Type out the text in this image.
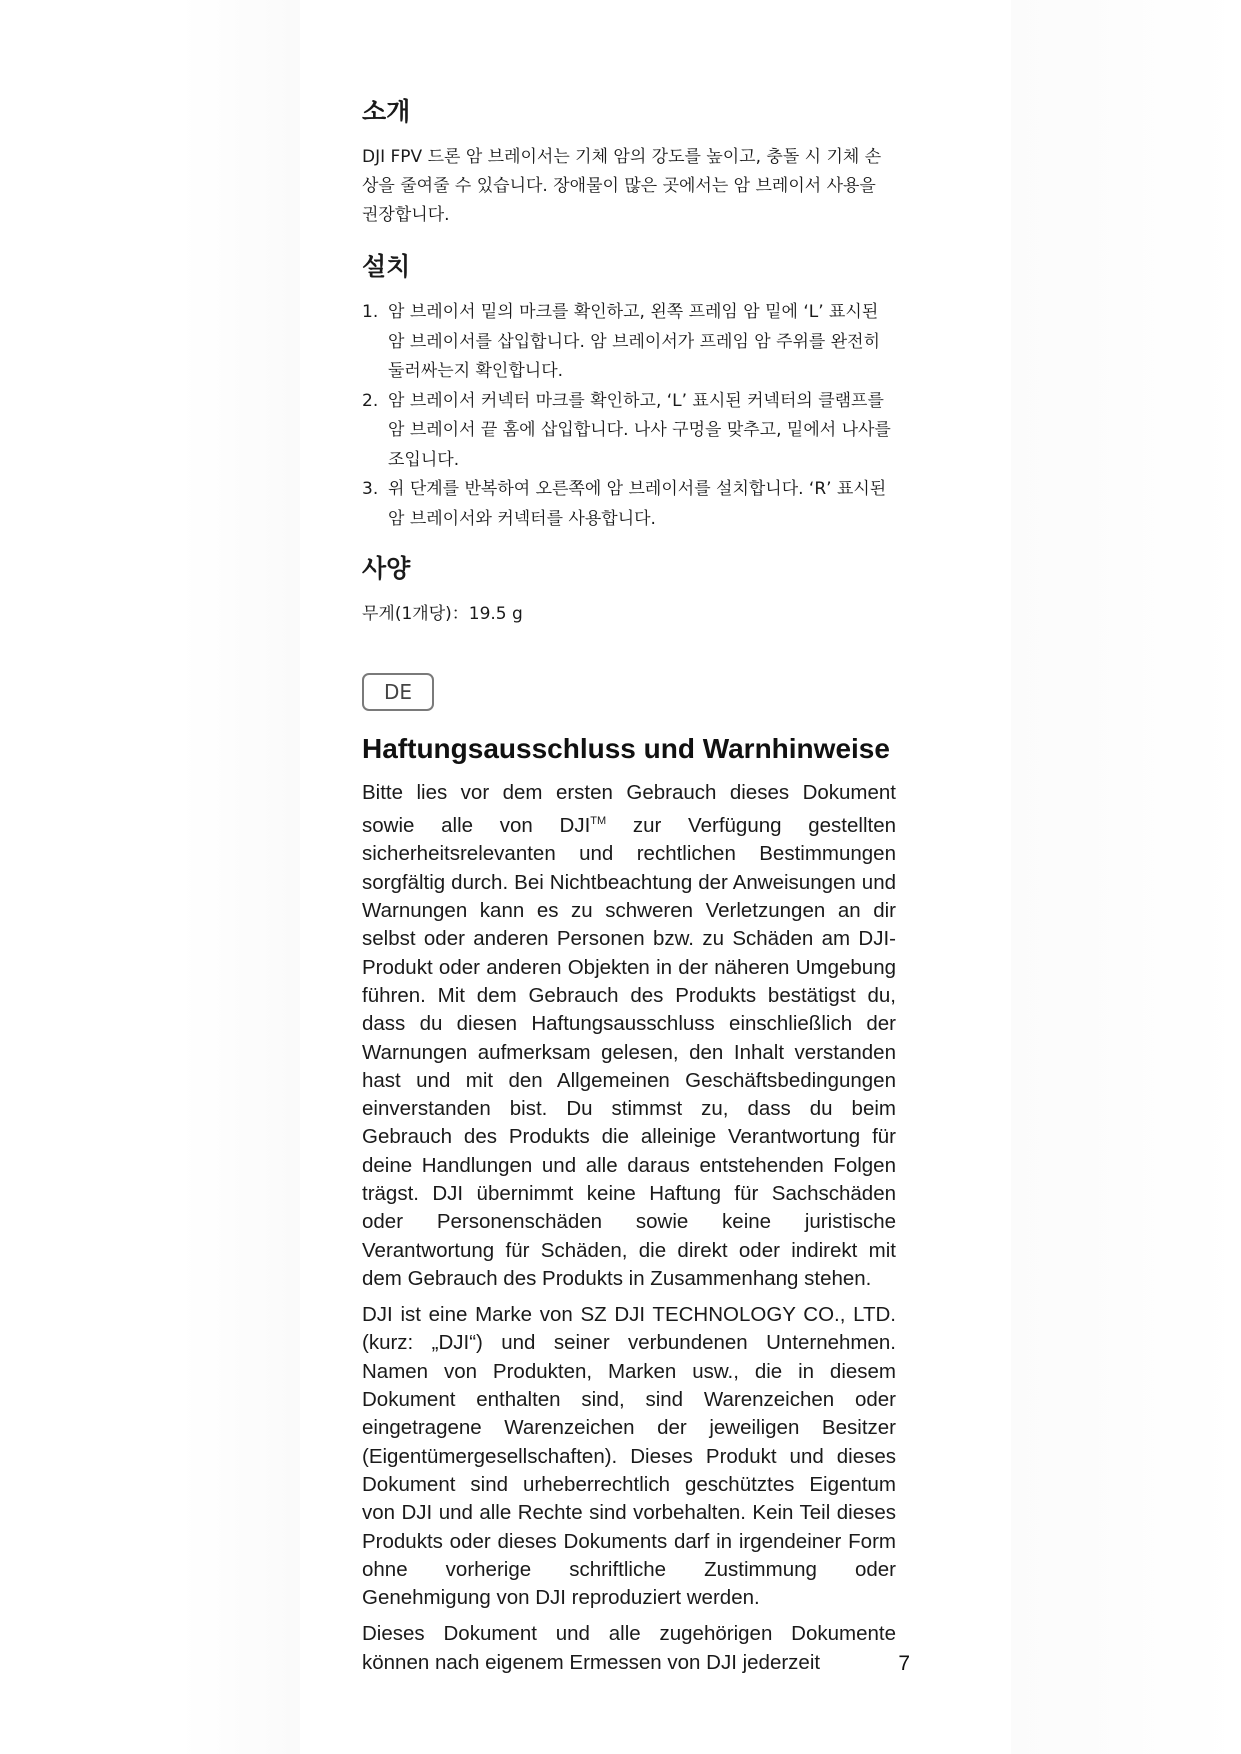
소개

DJI FPV 드론 암 브레이서는 기체 암의 강도를 높이고, 충돌 시 기체 손상을 줄여줄 수 있습니다. 장애물이 많은 곳에서는 암 브레이서 사용을 권장합니다.

설치
1. 암 브레이서 밑의 마크를 확인하고, 왼쪽 프레임 암 밑에 ‘L’ 표시된 암 브레이서를 삽입합니다. 암 브레이서가 프레임 암 주위를 완전히 둘러싸는지 확인합니다.
2. 암 브레이서 커넥터 마크를 확인하고, ‘L’ 표시된 커넥터의 클램프를 암 브레이서 끝 홈에 삽입합니다. 나사 구멍을 맞추고, 밑에서 나사를 조입니다.
3. 위 단계를 반복하여 오른쪽에 암 브레이서를 설치합니다. ‘R’ 표시된 암 브레이서와 커넥터를 사용합니다.
사양
무게(1개당)：19.5 g
DE
Haftungsausschluss und Warnhinweise

Bitte lies vor dem ersten Gebrauch dieses Dokument sowie alle von DJI™ zur Verfügung gestellten sicherheitsrelevanten und rechtlichen Bestimmungen sorgfältig durch. Bei Nichtbeachtung der Anweisungen und Warnungen kann es zu schweren Verletzungen an dir selbst oder anderen Personen bzw. zu Schäden am DJI-Produkt oder anderen Objekten in der näheren Umgebung führen. Mit dem Gebrauch des Produkts bestätigst du, dass du diesen Haftungsausschluss einschließlich der Warnungen aufmerksam gelesen, den Inhalt verstanden hast und mit den Allgemeinen Geschäftsbedingungen einverstanden bist. Du stimmst zu, dass du beim Gebrauch des Produkts die alleinige Verantwortung für deine Handlungen und alle daraus entstehenden Folgen trägst. DJI übernimmt keine Haftung für Sachschäden oder Personenschäden sowie keine juristische Verantwortung für Schäden, die direkt oder indirekt mit dem Gebrauch des Produkts in Zusammenhang stehen.

DJI ist eine Marke von SZ DJI TECHNOLOGY CO., LTD. (kurz: „DJI“) und seiner verbundenen Unternehmen. Namen von Produkten, Marken usw., die in diesem Dokument enthalten sind, sind Warenzeichen oder eingetragene Warenzeichen der jeweiligen Besitzer (Eigentümergesellschaften). Dieses Produkt und dieses Dokument sind urheberrechtlich geschütztes Eigentum von DJI und alle Rechte sind vorbehalten. Kein Teil dieses Produkts oder dieses Dokuments darf in irgendeiner Form ohne vorherige schriftliche Zustimmung oder Genehmigung von DJI reproduziert werden.

Dieses Dokument und alle zugehörigen Dokumente können nach eigenem Ermessen von DJI jederzeit	7
